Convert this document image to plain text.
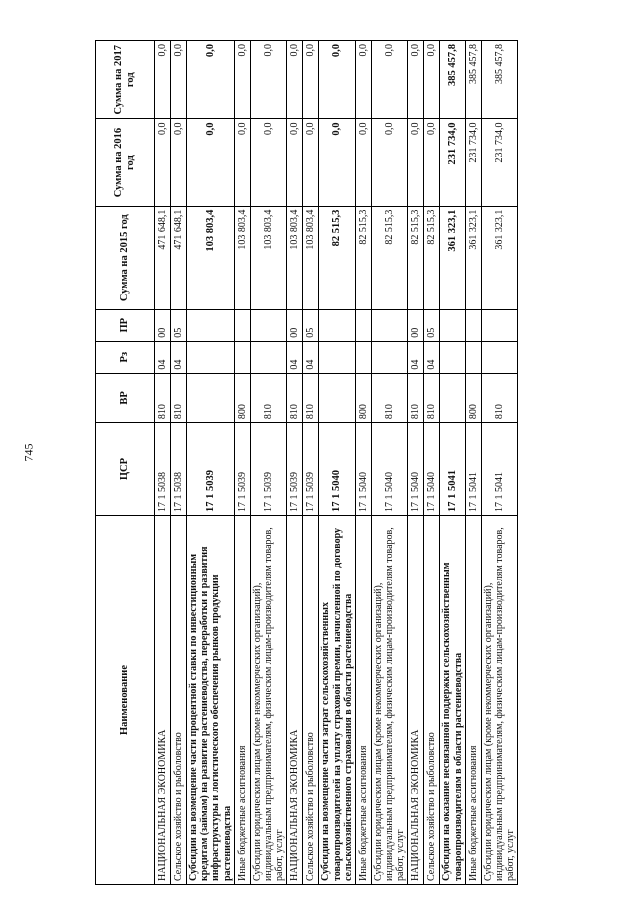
745
Наименование	ЦСР	ВР	Рз	ПР	Сумма на 2015 год	Сумма на 2016 год	Сумма на 2017 год
НАЦИОНАЛЬНАЯ ЭКОНОМИКА	17 1 5038	810	04	00	471 648,1	0,0	0,0
Сельское хозяйство и рыболовство	17 1 5038	810	04	05	471 648,1	0,0	0,0
Субсидии на возмещение части процентной ставки по инвестиционным кредитам (займам) на развитие растениеводства, переработки и развития инфраструктуры и логистического обеспечения рынков продукции растениеводства	17 1 5039				103 803,4	0,0	0,0
Иные бюджетные ассигнования	17 1 5039	800			103 803,4	0,0	0,0
Субсидии юридическим лицам (кроме некоммерческих организаций), индивидуальным предпринимателям, физическим лицам-производителям товаров, работ, услуг	17 1 5039	810			103 803,4	0,0	0,0
НАЦИОНАЛЬНАЯ ЭКОНОМИКА	17 1 5039	810	04	00	103 803,4	0,0	0,0
Сельское хозяйство и рыболовство	17 1 5039	810	04	05	103 803,4	0,0	0,0
Субсидии на возмещение части затрат сельскохозяйственных товаропроизводителей на уплату страховой премии, начисленной по договору сельскохозяйственного страхования в области растениеводства	17 1 5040				82 515,3	0,0	0,0
Иные бюджетные ассигнования	17 1 5040	800			82 515,3	0,0	0,0
Субсидии юридическим лицам (кроме некоммерческих организаций), индивидуальным предпринимателям, физическим лицам-производителям товаров, работ, услуг	17 1 5040	810			82 515,3	0,0	0,0
НАЦИОНАЛЬНАЯ ЭКОНОМИКА	17 1 5040	810	04	00	82 515,3	0,0	0,0
Сельское хозяйство и рыболовство	17 1 5040	810	04	05	82 515,3	0,0	0,0
Субсидии на оказание несвязанной поддержки сельскохозяйственным товаропроизводителям в области растениеводства	17 1 5041				361 323,1	231 734,0	385 457,8
Иные бюджетные ассигнования	17 1 5041	800			361 323,1	231 734,0	385 457,8
Субсидии юридическим лицам (кроме некоммерческих организаций), индивидуальным предпринимателям, физическим лицам-производителям товаров, работ, услуг	17 1 5041	810			361 323,1	231 734,0	385 457,8
